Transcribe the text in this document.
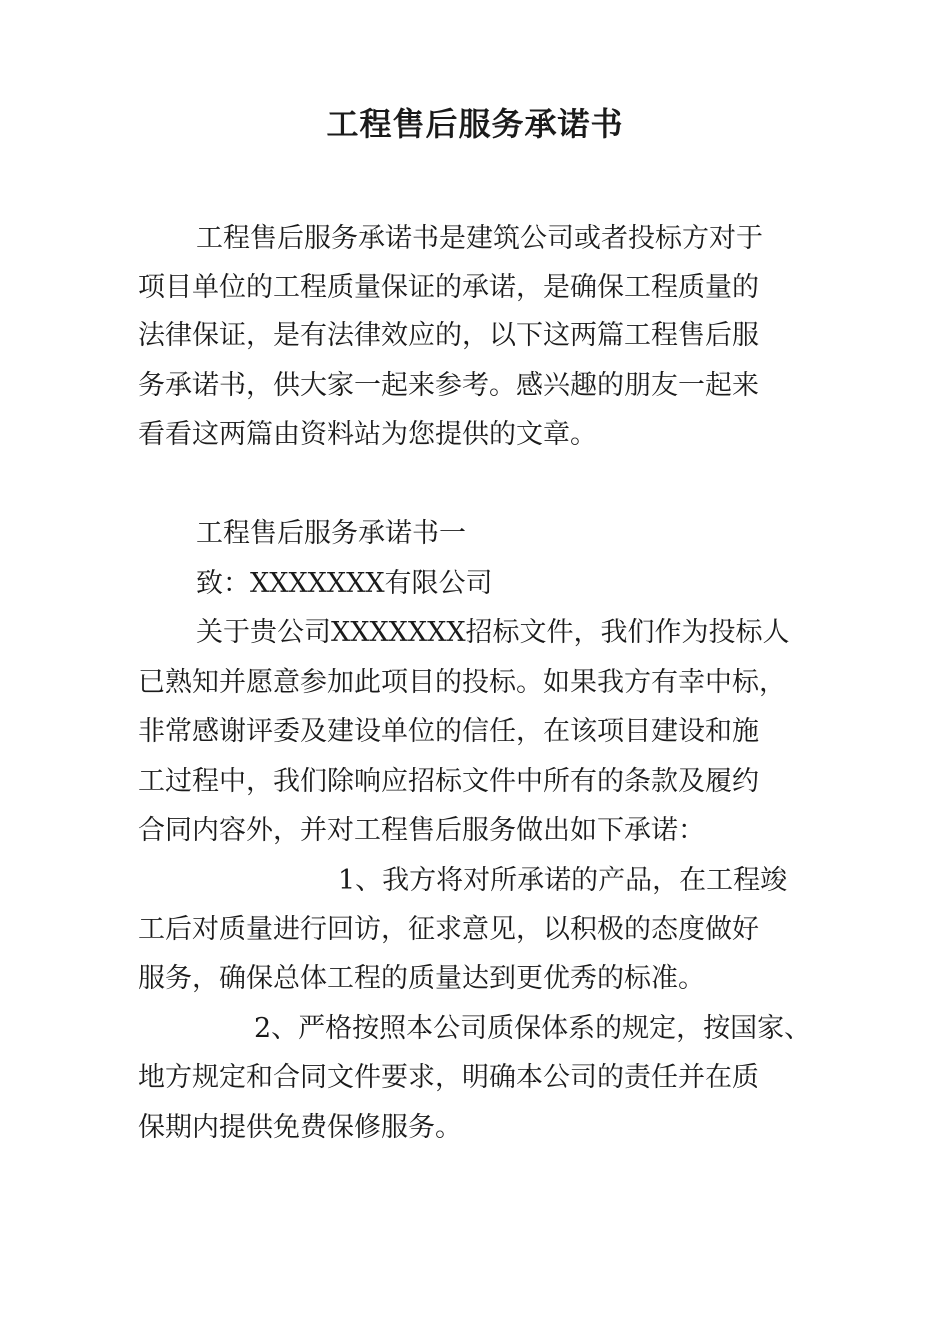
工程售后服务承诺书

工程售后服务承诺书是建筑公司或者投标方对于

项目单位的工程质量保证的承诺，是确保工程质量的

法律保证，是有法律效应的，以下这两篇工程售后服

务承诺书，供大家一起来参考。感兴趣的朋友一起来

看看这两篇由资料站为您提供的文章。

工程售后服务承诺书一

致：XXXXXXX有限公司

关于贵公司XXXXXXX招标文件，我们作为投标人

已熟知并愿意参加此项目的投标。如果我方有幸中标，

非常感谢评委及建设单位的信任，在该项目建设和施

工过程中，我们除响应招标文件中所有的条款及履约

合同内容外，并对工程售后服务做出如下承诺：

1、我方将对所承诺的产品，在工程竣

工后对质量进行回访，征求意见，以积极的态度做好

服务，确保总体工程的质量达到更优秀的标准。

2、严格按照本公司质保体系的规定，按国家、

地方规定和合同文件要求，明确本公司的责任并在质

保期内提供免费保修服务。
